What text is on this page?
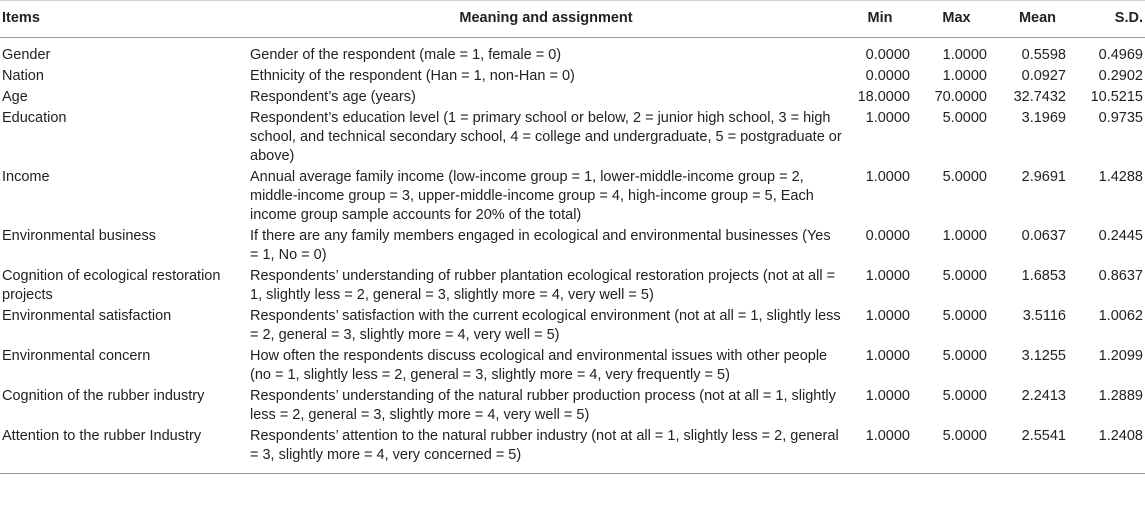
Items	Meaning and assignment	Min	Max	Mean	S.D.
Gender	Gender of the respondent (male = 1, female = 0)	0.0000	1.0000	0.5598	0.4969
Nation	Ethnicity of the respondent (Han = 1, non-Han = 0)	0.0000	1.0000	0.0927	0.2902
Age	Respondent’s age (years)	18.0000	70.0000	32.7432	10.5215
Education	Respondent’s education level (1 = primary school or below, 2 = junior high school, 3 = high school, and technical secondary school, 4 = college and undergraduate, 5 = postgraduate or above)	1.0000	5.0000	3.1969	0.9735
Income	Annual average family income (low-income group = 1, lower-middle-income group = 2, middle-income group = 3, upper-middle-income group = 4, high-income group = 5, Each income group sample accounts for 20% of the total)	1.0000	5.0000	2.9691	1.4288
Environmental business	If there are any family members engaged in ecological and environmental businesses (Yes = 1, No = 0)	0.0000	1.0000	0.0637	0.2445
Cognition of ecological restoration projects	Respondents’ understanding of rubber plantation ecological restoration projects (not at all = 1, slightly less = 2, general = 3, slightly more = 4, very well = 5)	1.0000	5.0000	1.6853	0.8637
Environmental satisfaction	Respondents’ satisfaction with the current ecological environment (not at all = 1, slightly less = 2, general = 3, slightly more = 4, very well = 5)	1.0000	5.0000	3.5116	1.0062
Environmental concern	How often the respondents discuss ecological and environmental issues with other people (no = 1, slightly less = 2, general = 3, slightly more = 4, very frequently = 5)	1.0000	5.0000	3.1255	1.2099
Cognition of the rubber industry	Respondents’ understanding of the natural rubber production process (not at all = 1, slightly less = 2, general = 3, slightly more = 4, very well = 5)	1.0000	5.0000	2.2413	1.2889
Attention to the rubber Industry	Respondents’ attention to the natural rubber industry (not at all = 1, slightly less = 2, general = 3, slightly more = 4, very concerned = 5)	1.0000	5.0000	2.5541	1.2408
